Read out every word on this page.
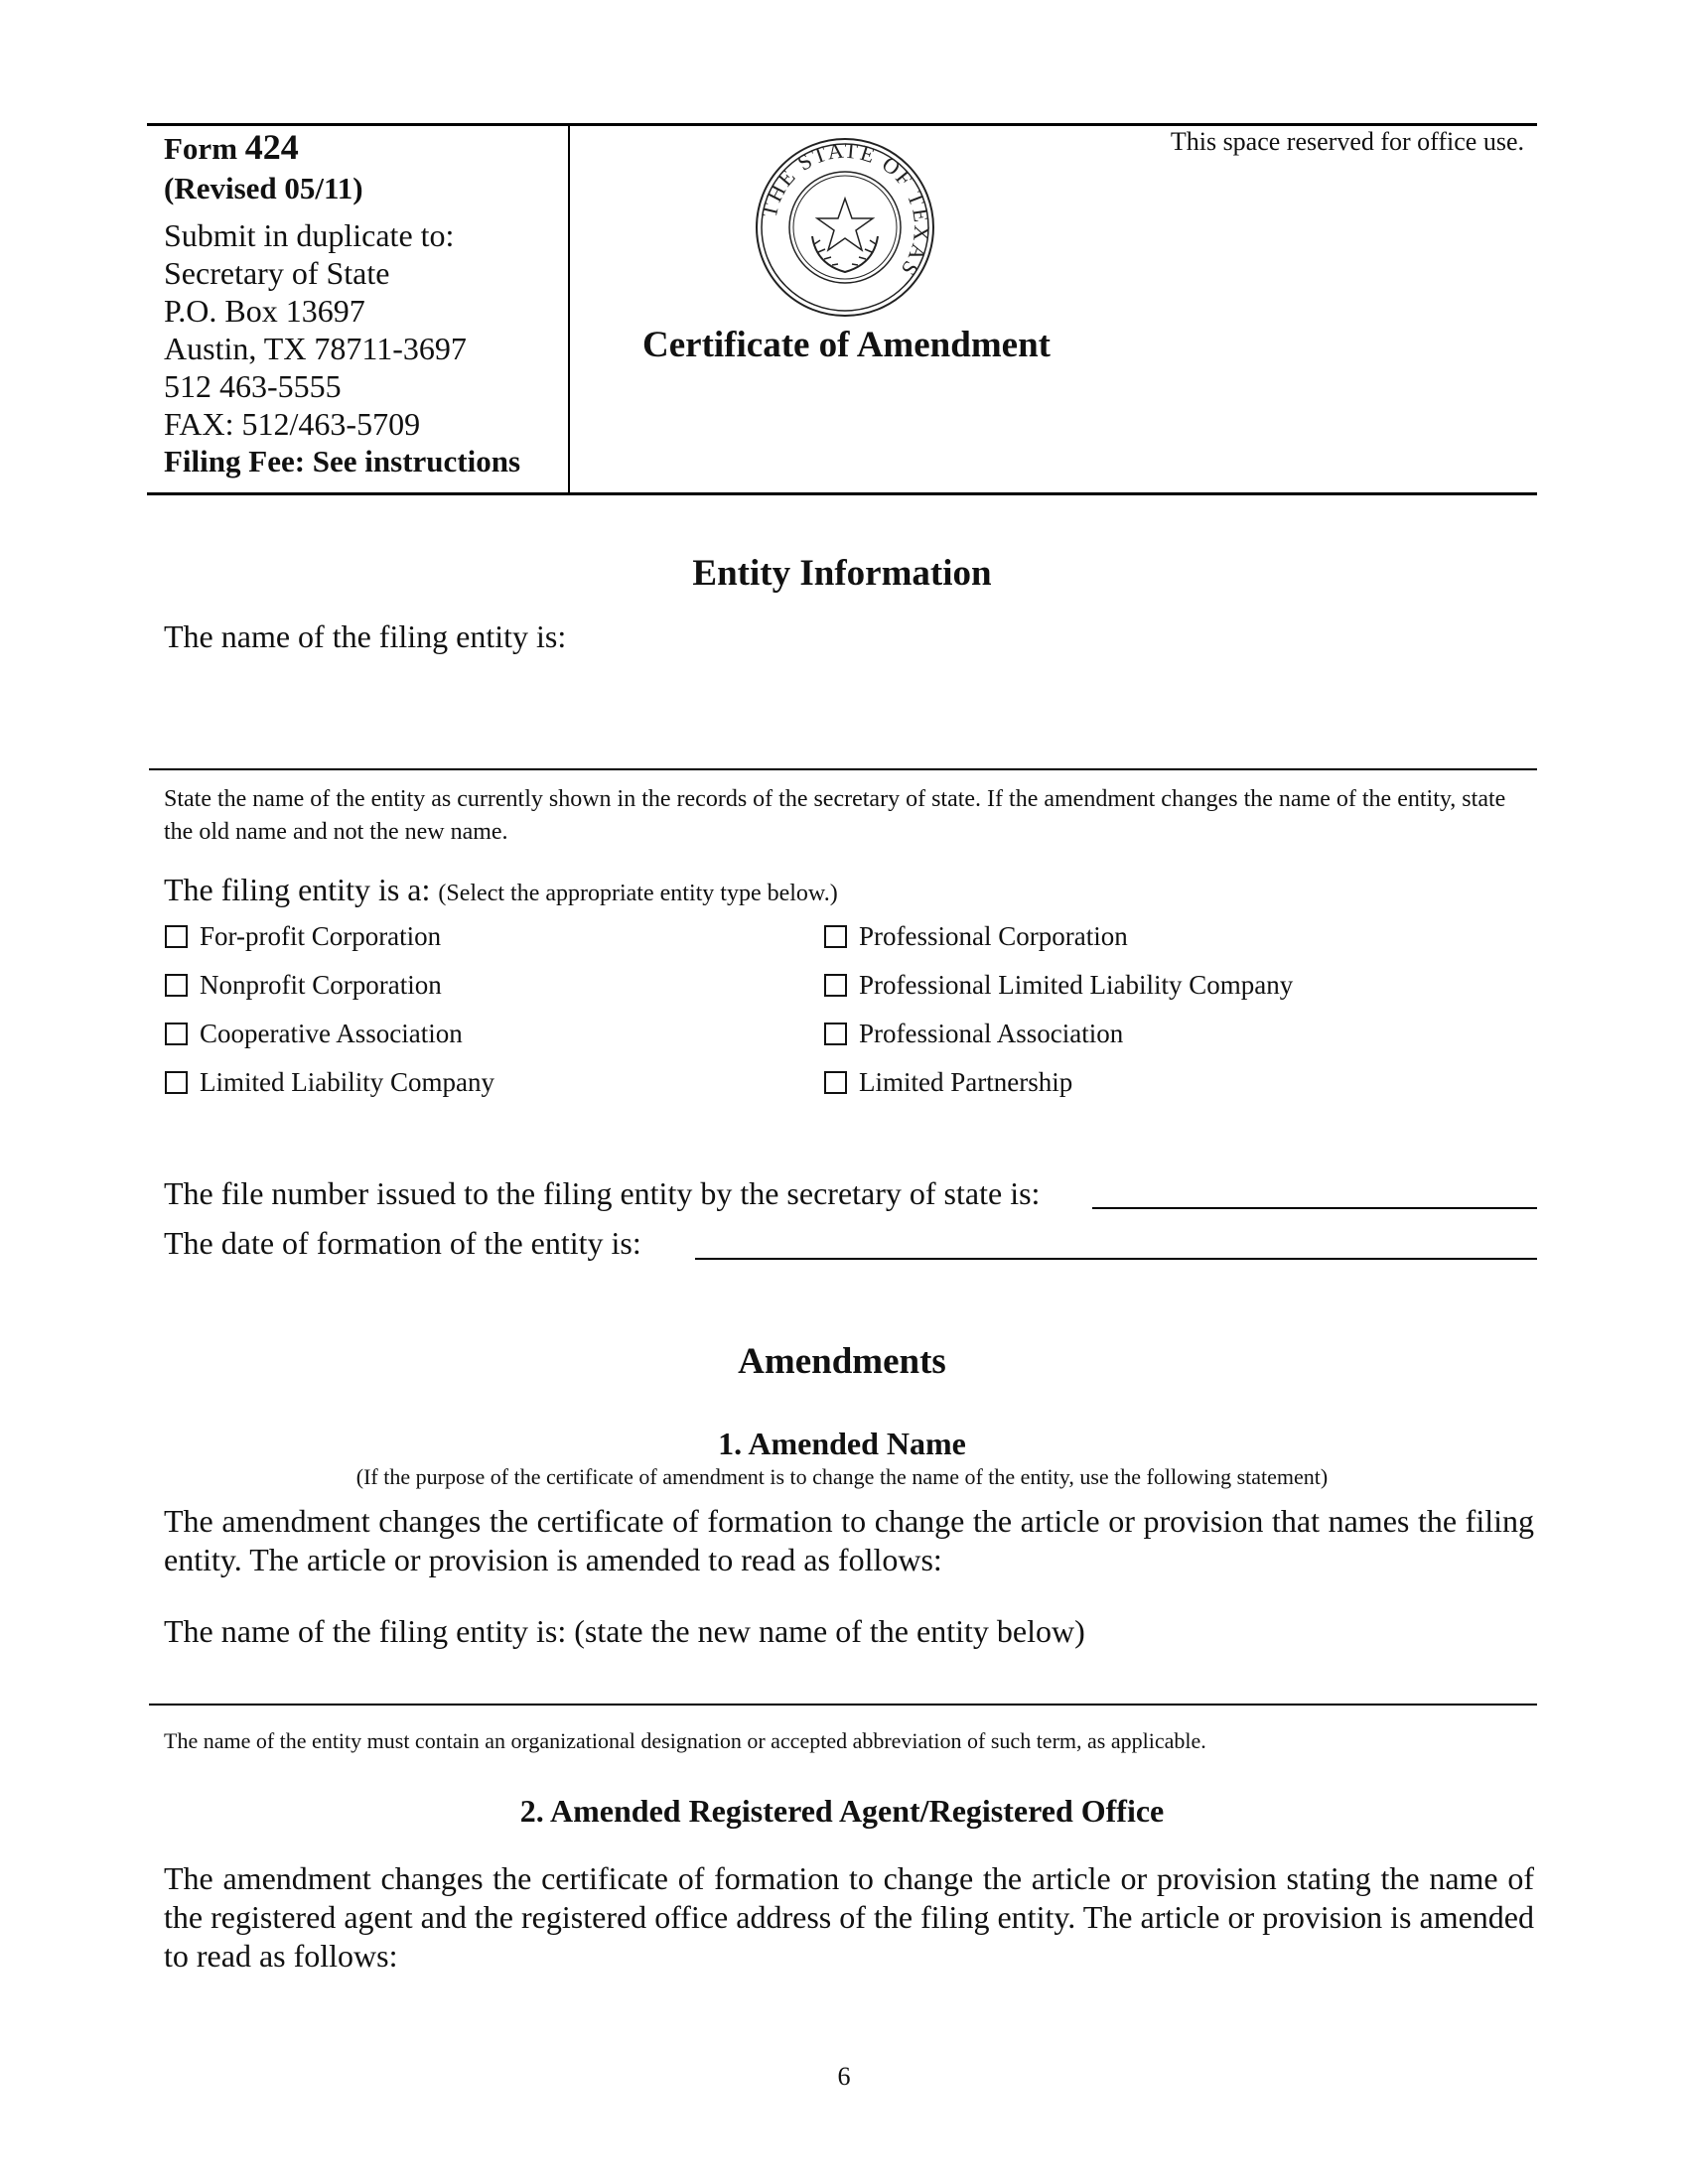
Form 424
(Revised 05/11)
Submit in duplicate to:
Secretary of State
P.O. Box 13697
Austin, TX 78711-3697
512 463-5555
FAX: 512/463-5709
Filing Fee: See instructions
This space reserved for office use.
THE STATE OF TEXAS
Certificate of Amendment
Entity Information
The name of the filing entity is:
State the name of the entity as currently shown in the records of the secretary of state. If the amendment changes the name of the entity, state the old name and not the new name.
The filing entity is a: (Select the appropriate entity type below.)
For-profit Corporation
Nonprofit Corporation
Cooperative Association
Limited Liability Company
Professional Corporation
Professional Limited Liability Company
Professional Association
Limited Partnership
The file number issued to the filing entity by the secretary of state is:
The date of formation of the entity is:
Amendments
1. Amended Name
(If the purpose of the certificate of amendment is to change the name of the entity, use the following statement)
The amendment changes the certificate of formation to change the article or provision that names the filing entity. The article or provision is amended to read as follows:
The name of the filing entity is: (state the new name of the entity below)
The name of the entity must contain an organizational designation or accepted abbreviation of such term, as applicable.
2. Amended Registered Agent/Registered Office
The amendment changes the certificate of formation to change the article or provision stating the name of the registered agent and the registered office address of the filing entity. The article or provision is amended to read as follows:
6
